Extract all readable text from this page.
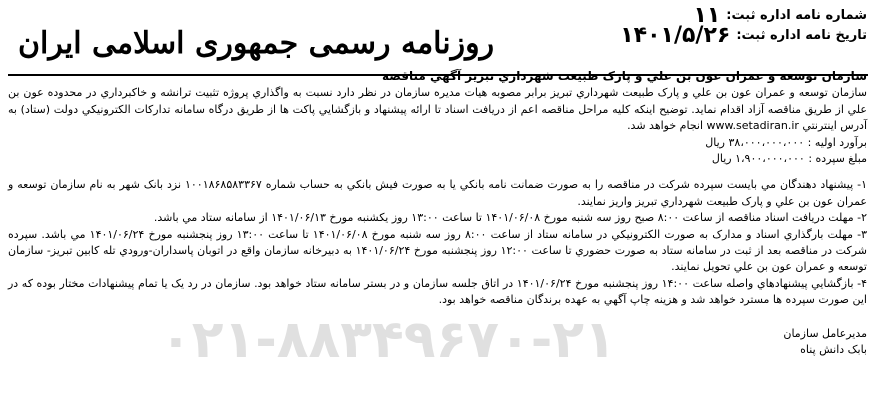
شماره نامه اداره ثبت:
۱۱
تاریخ نامه اداره ثبت:
۱۴۰۱/۵/۲۶
روزنامه رسمی جمهوری اسلامی ایران
سازمان توسعه و عمران عون بن علي و پارک طبيعت شهرداري تبريز آگهي مناقصه

سازمان توسعه و عمران عون بن علي و پارک طبيعت شهرداري تبريز برابر مصوبه هيات مديره سازمان در نظر دارد نسبت به واگذاري پروژه تثبيت ترانشه و خاکبرداري در محدوده عون بن علي از طريق مناقصه آزاد اقدام نمايد. توضيح اينکه کليه مراحل مناقصه اعم از دريافت اسناد تا ارائه پيشنهاد و بازگشايي پاکت ها از طريق درگاه سامانه تدارکات الکترونيکي دولت (ستاد) به آدرس اينترنتي www.setadiran.ir انجام خواهد شد.

برآورد اوليه : ۳۸،۰۰۰،۰۰۰،۰۰۰ ريال

مبلغ سپرده : ۱،۹۰۰،۰۰۰،۰۰۰ ريال

۱- پيشنهاد دهندگان مي بايست سپرده شرکت در مناقصه را به صورت ضمانت نامه بانکي يا به صورت فيش بانکي به حساب شماره ۱۰۰۱۸۶۸۵۸۳۳۶۷ نزد بانک شهر به نام سازمان توسعه و عمران عون بن علي و پارک طبيعت شهرداري تبريز واريز نمايند.

۲- مهلت دريافت اسناد مناقصه از ساعت ۸:۰۰ صبح روز سه شنبه مورخ ۱۴۰۱/۰۶/۰۸ تا ساعت ۱۳:۰۰ روز يکشنبه مورخ ۱۴۰۱/۰۶/۱۳ از سامانه ستاد مي باشد.

۳- مهلت بارگذاري اسناد و مدارک به صورت الکترونيکي در سامانه ستاد از ساعت ۸:۰۰ روز سه شنبه مورخ ۱۴۰۱/۰۶/۰۸ تا ساعت ۱۳:۰۰ روز پنجشنبه مورخ ۱۴۰۱/۰۶/۲۴ مي باشد. سپرده شرکت در مناقصه بعد از ثبت در سامانه ستاد به صورت حضوري تا ساعت ۱۲:۰۰ روز پنجشنبه مورخ ۱۴۰۱/۰۶/۲۴ به دبيرخانه سازمان واقع در اتوبان پاسداران-ورودي تله کابين تبريز- سازمان توسعه و عمران عون بن علي تحويل نمايند.

۴- بازگشايي پيشنهادهاي واصله ساعت ۱۴:۰۰ روز پنجشنبه مورخ ۱۴۰۱/۰۶/۲۴ در اتاق جلسه سازمان و در بستر سامانه ستاد خواهد بود. سازمان در رد يک يا تمام پيشنهادات مختار بوده که در اين صورت سپرده ها مسترد خواهد شد و هزينه چاپ آگهي به عهده برندگان مناقصه خواهد بود.

مديرعامل سازمان

بابک دانش پناه

۰۲۱-۸۸۳۴۹۶۷۰-۲۱
